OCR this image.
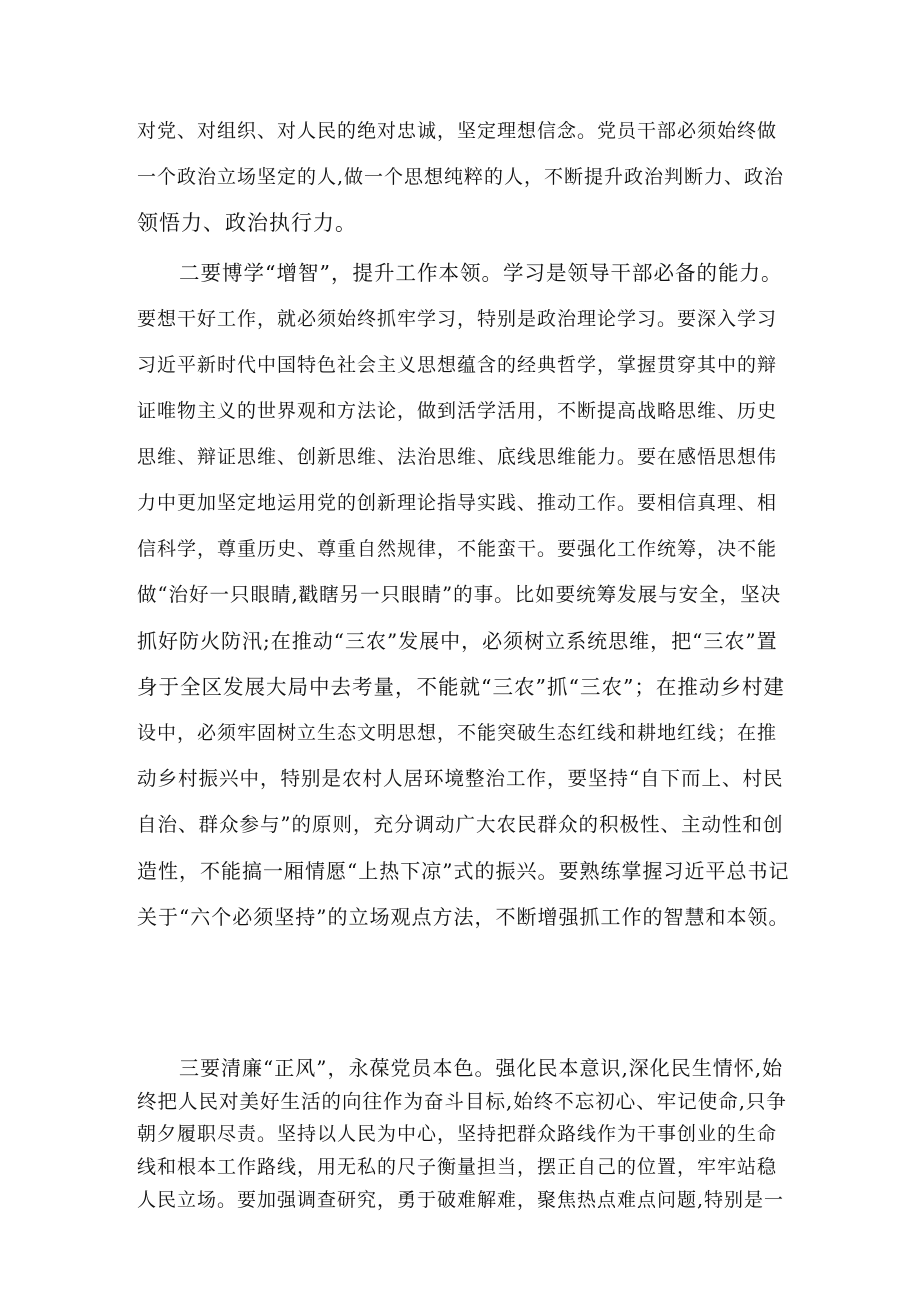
对党、对组织、对人民的绝对忠诚，坚定理想信念。党员干部必须始终做
一个政治立场坚定的人,做一个思想纯粹的人，不断提升政治判断力、政治
领悟力、政治执行力。
二要博学“增智”，提升工作本领。学习是领导干部必备的能力。
要想干好工作，就必须始终抓牢学习，特别是政治理论学习。要深入学习
习近平新时代中国特色社会主义思想蕴含的经典哲学，掌握贯穿其中的辩
证唯物主义的世界观和方法论，做到活学活用，不断提高战略思维、历史
思维、辩证思维、创新思维、法治思维、底线思维能力。要在感悟思想伟
力中更加坚定地运用党的创新理论指导实践、推动工作。要相信真理、相
信科学，尊重历史、尊重自然规律，不能蛮干。要强化工作统筹，决不能
做“治好一只眼睛,戳瞎另一只眼睛”的事。比如要统筹发展与安全，坚决
抓好防火防汛;在推动“三农”发展中，必须树立系统思维，把“三农”置
身于全区发展大局中去考量，不能就“三农”抓“三农”；在推动乡村建
设中，必须牢固树立生态文明思想，不能突破生态红线和耕地红线；在推
动乡村振兴中，特别是农村人居环境整治工作，要坚持“自下而上、村民
自治、群众参与”的原则，充分调动广大农民群众的积极性、主动性和创
造性，不能搞一厢情愿“上热下凉”式的振兴。要熟练掌握习近平总书记
关于“六个必须坚持”的立场观点方法，不断增强抓工作的智慧和本领。
三要清廉“正风”，永葆党员本色。强化民本意识,深化民生情怀,始
终把人民对美好生活的向往作为奋斗目标,始终不忘初心、牢记使命,只争
朝夕履职尽责。坚持以人民为中心，坚持把群众路线作为干事创业的生命
线和根本工作路线，用无私的尺子衡量担当，摆正自己的位置，牢牢站稳
人民立场。要加强调查研究，勇于破难解难，聚焦热点难点问题,特别是一
